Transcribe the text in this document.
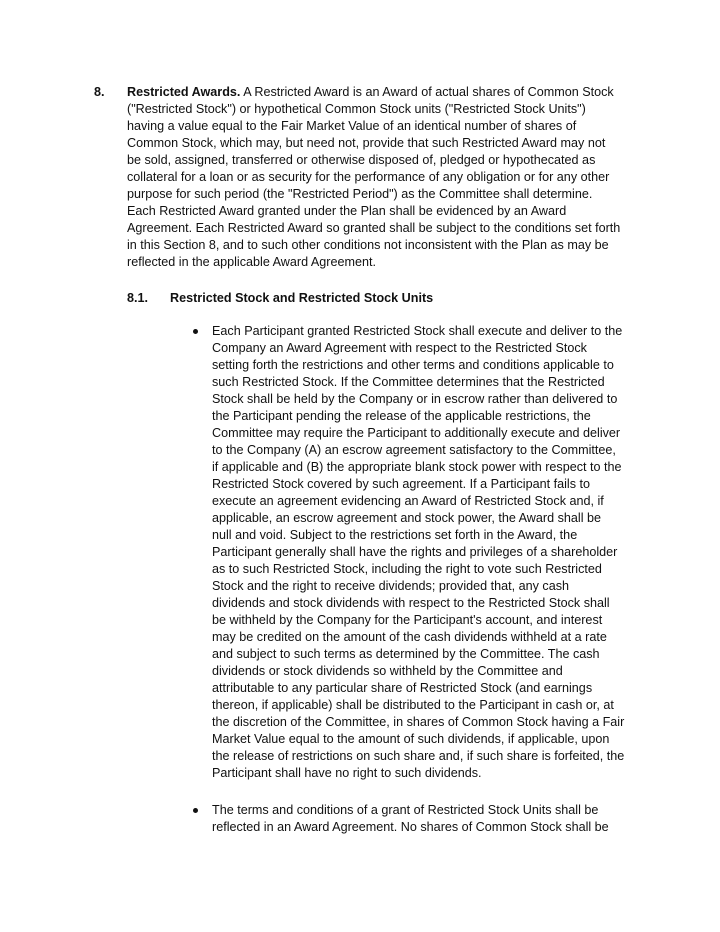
8. Restricted Awards. A Restricted Award is an Award of actual shares of Common Stock
("Restricted Stock") or hypothetical Common Stock units ("Restricted Stock Units")
having a value equal to the Fair Market Value of an identical number of shares of
Common Stock, which may, but need not, provide that such Restricted Award may not
be sold, assigned, transferred or otherwise disposed of, pledged or hypothecated as
collateral for a loan or as security for the performance of any obligation or for any other
purpose for such period (the "Restricted Period") as the Committee shall determine.
Each Restricted Award granted under the Plan shall be evidenced by an Award
Agreement. Each Restricted Award so granted shall be subject to the conditions set forth
in this Section 8, and to such other conditions not inconsistent with the Plan as may be
reflected in the applicable Award Agreement.
8.1. Restricted Stock and Restricted Stock Units
Each Participant granted Restricted Stock shall execute and deliver to the
Company an Award Agreement with respect to the Restricted Stock
setting forth the restrictions and other terms and conditions applicable to
such Restricted Stock. If the Committee determines that the Restricted
Stock shall be held by the Company or in escrow rather than delivered to
the Participant pending the release of the applicable restrictions, the
Committee may require the Participant to additionally execute and deliver
to the Company (A) an escrow agreement satisfactory to the Committee,
if applicable and (B) the appropriate blank stock power with respect to the
Restricted Stock covered by such agreement. If a Participant fails to
execute an agreement evidencing an Award of Restricted Stock and, if
applicable, an escrow agreement and stock power, the Award shall be
null and void. Subject to the restrictions set forth in the Award, the
Participant generally shall have the rights and privileges of a shareholder
as to such Restricted Stock, including the right to vote such Restricted
Stock and the right to receive dividends; provided that, any cash
dividends and stock dividends with respect to the Restricted Stock shall
be withheld by the Company for the Participant's account, and interest
may be credited on the amount of the cash dividends withheld at a rate
and subject to such terms as determined by the Committee. The cash
dividends or stock dividends so withheld by the Committee and
attributable to any particular share of Restricted Stock (and earnings
thereon, if applicable) shall be distributed to the Participant in cash or, at
the discretion of the Committee, in shares of Common Stock having a Fair
Market Value equal to the amount of such dividends, if applicable, upon
the release of restrictions on such share and, if such share is forfeited, the
Participant shall have no right to such dividends.
The terms and conditions of a grant of Restricted Stock Units shall be
reflected in an Award Agreement. No shares of Common Stock shall be
